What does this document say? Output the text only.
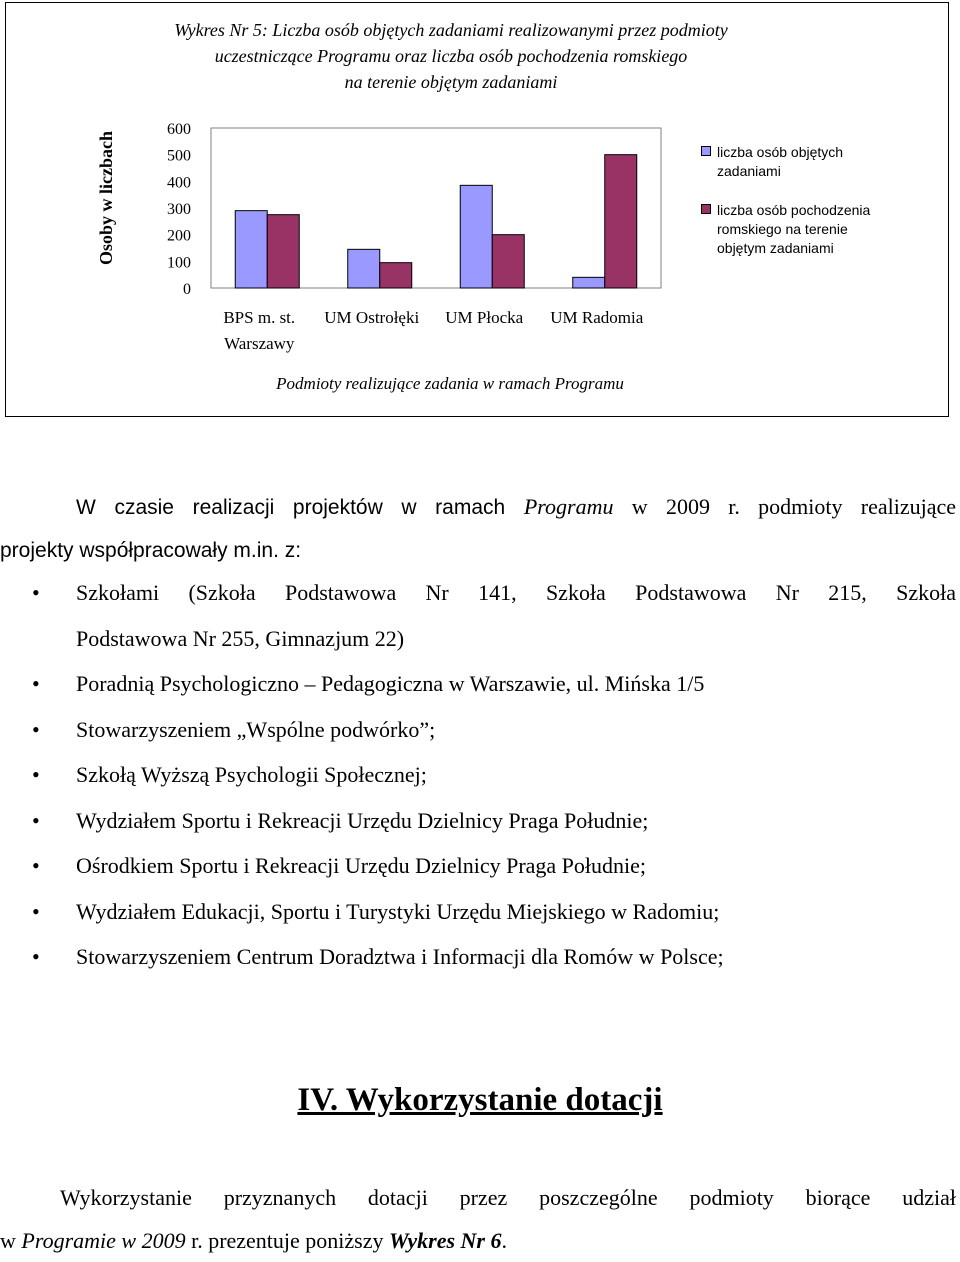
Wykres Nr 5: Liczba osób objętych zadaniami realizowanymi przez podmioty
uczestniczące Programu oraz liczba osób pochodzenia romskiego
na terenie objętym zadaniami
0
100
200
300
400
500
600
Osoby w liczbach
BPS m. st.
Warszawy
UM Ostrołęki UM Płocka UM Radomia
Podmioty realizujące zadania w ramach Programu
liczba osób objętych zadaniami
liczba osób pochodzenia romskiego na terenie objętym zadaniami
W czasie realizacji projektów w ramach Programu w 2009 r. podmioty realizujące
projekty współpracowały m.in. z:
• Szkołami (Szkoła Podstawowa Nr 141, Szkoła Podstawowa Nr 215, Szkoła
Podstawowa Nr 255, Gimnazjum 22)
• Poradnią Psychologiczno – Pedagogiczna w Warszawie, ul. Mińska 1/5
• Stowarzyszeniem „Wspólne podwórko”;
• Szkołą Wyższą Psychologii Społecznej;
• Wydziałem Sportu i Rekreacji Urzędu Dzielnicy Praga Południe;
• Ośrodkiem Sportu i Rekreacji Urzędu Dzielnicy Praga Południe;
• Wydziałem Edukacji, Sportu i Turystyki Urzędu Miejskiego w Radomiu;
• Stowarzyszeniem Centrum Doradztwa i Informacji dla Romów w Polsce;
IV. Wykorzystanie dotacji
Wykorzystanie przyznanych dotacji przez poszczególne podmioty biorące udział
w Programie w 2009 r. prezentuje poniższy Wykres Nr 6.
